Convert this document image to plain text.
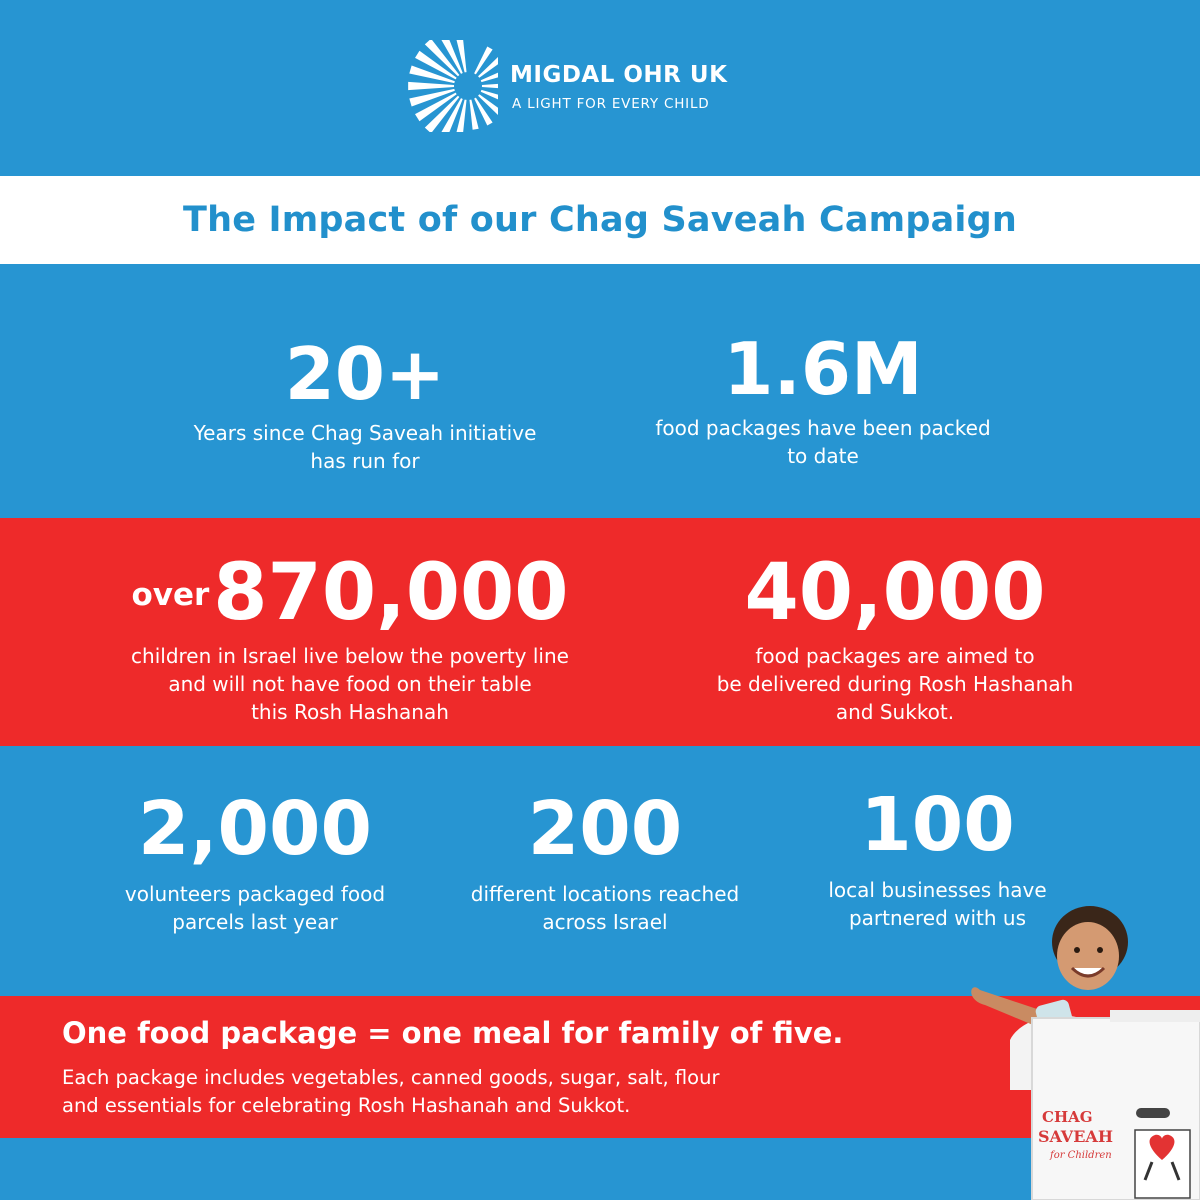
MIGDAL OHR UK
A LIGHT FOR EVERY CHILD
The Impact of our Chag Saveah Campaign
20+
Years since Chag Saveah initiative
has run for
1.6M
food packages have been packed
to date
over870,000
children in Israel live below the poverty line
and will not have food on their table
this Rosh Hashanah
40,000
food packages are aimed to
be delivered during Rosh Hashanah
and Sukkot.
2,000
volunteers packaged food
parcels last year
200
different locations reached
across Israel
100
local businesses have
partnered with us
One food package = one meal for family of five.
Each package includes vegetables, canned goods, sugar, salt, flour
and essentials for celebrating Rosh Hashanah and Sukkot.	CHAG
SAVEAH
for Children
